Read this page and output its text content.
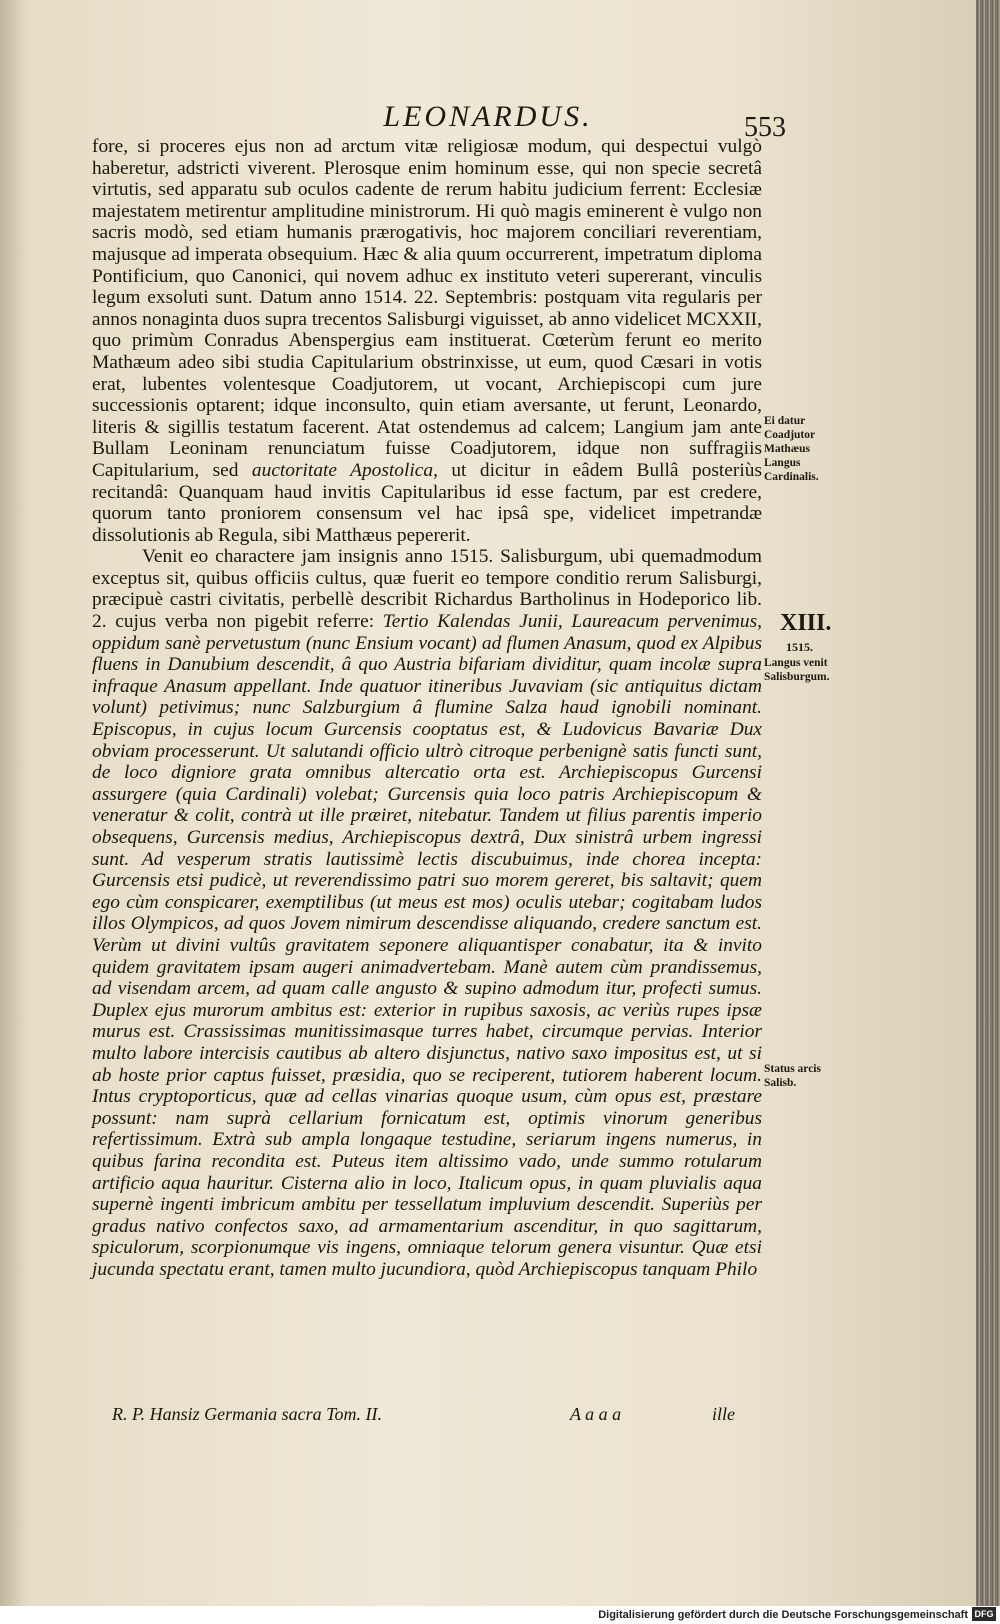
LEONARDUS.	553

fore, si proceres ejus non ad arctum vitæ religiosæ modum, qui despectui vulgò haberetur, adstricti viverent. Plerosque enim hominum esse, qui non specie secretâ virtutis, sed apparatu sub oculos cadente de rerum habitu judicium ferrent: Ecclesiæ majestatem metirentur amplitudine ministrorum. Hi quò magis eminerent è vulgo non sacris modò, sed etiam humanis prærogativis, hoc majorem conciliari reverentiam, majusque ad imperata obsequium. Hæc & alia quum occurrerent, impetratum diploma Pontificium, quo Canonici, qui novem adhuc ex instituto veteri supererant, vinculis legum exsoluti sunt. Datum anno 1514. 22. Septembris: postquam vita regularis per annos nonaginta duos supra trecentos Salisburgi viguisset, ab anno videlicet MCXXII, quo primùm Conradus Abenspergius eam instituerat. Cœterùm ferunt eo merito Mathæum adeo sibi studia Capitularium obstrinxisse, ut eum, quod Cæsari in votis erat, lubentes volentesque Coadjutorem, ut vocant, Archiepiscopi cum jure successionis optarent; idque inconsulto, quin etiam aversante, ut ferunt, Leonardo, literis & sigillis testatum facerent. Atat ostendemus ad calcem; Langium jam ante Bullam Leoninam renunciatum fuisse Coadjutorem, idque non suffragiis Capitularium, sed auctoritate Apostolica, ut dicitur in eâdem Bullâ posteriùs recitandâ: Quanquam haud invitis Capitularibus id esse factum, par est credere, quorum tanto proniorem consensum vel hac ipsâ spe, videlicet impetrandæ dissolutionis ab Regula, sibi Matthæus pepererit.

Venit eo charactere jam insignis anno 1515. Salisburgum, ubi quemadmodum exceptus sit, quibus officiis cultus, quæ fuerit eo tempore conditio rerum Salisburgi, præcipuè castri civitatis, perbellè describit Richardus Bartholinus in Hodeporico lib. 2. cujus verba non pigebit referre: Tertio Kalendas Junii, Laureacum pervenimus, oppidum sanè pervetustum (nunc Ensium vocant) ad flumen Anasum, quod ex Alpibus fluens in Danubium descendit, â quo Austria bifariam dividitur, quam incolæ supra infraque Anasum appellant. Inde quatuor itineribus Juvaviam (sic antiquitus dictam volunt) petivimus; nunc Salzburgium â flumine Salza haud ignobili nominant. Episcopus, in cujus locum Gurcensis cooptatus est, & Ludovicus Bavariæ Dux obviam processerunt. Ut salutandi officio ultrò citroque perbenignè satis functi sunt, de loco digniore grata omnibus altercatio orta est. Archiepiscopus Gurcensi assurgere (quia Cardinali) volebat; Gurcensis quia loco patris Archiepiscopum & veneratur & colit, contrà ut ille præiret, nitebatur. Tandem ut filius parentis imperio obsequens, Gurcensis medius, Archiepiscopus dextrâ, Dux sinistrâ urbem ingressi sunt. Ad vesperum stratis lautissimè lectis discubuimus, inde chorea incepta: Gurcensis etsi pudicè, ut reverendissimo patri suo morem gereret, bis saltavit; quem ego cùm conspicarer, exemptilibus (ut meus est mos) oculis utebar; cogitabam ludos illos Olympicos, ad quos Jovem nimirum descendisse aliquando, credere sanctum est. Verùm ut divini vultûs gravitatem seponere aliquantisper conabatur, ita & invito quidem gravitatem ipsam augeri animadvertebam. Manè autem cùm prandissemus, ad visendam arcem, ad quam calle angusto & supino admodum itur, profecti sumus. Duplex ejus murorum ambitus est: exterior in rupibus saxosis, ac veriùs rupes ipsæ murus est. Crassissimas munitissimasque turres habet, circumque pervias. Interior multo labore intercisis cautibus ab altero disjunctus, nativo saxo impositus est, ut si ab hoste prior captus fuisset, præsidia, quo se reciperent, tutiorem haberent locum. Intus cryptoporticus, quæ ad cellas vinarias quoque usum, cùm opus est, præstare possunt: nam suprà cellarium fornicatum est, optimis vinorum generibus refertissimum. Extrà sub ampla longaque testudine, seriarum ingens numerus, in quibus farina recondita est. Puteus item altissimo vado, unde summo rotularum artificio aqua hauritur. Cisterna alio in loco, Italicum opus, in quam pluvialis aqua supernè ingenti imbricum ambitu per tessellatum impluvium descendit. Superiùs per gradus nativo confectos saxo, ad armamentarium ascenditur, in quo sagittarum, spiculorum, scorpionumque vis ingens, omniaque telorum genera visuntur. Quæ etsi jucunda spectatu erant, tamen multo jucundiora, quòd Archiepiscopus tanquam Philo

Ei datur Coadjutor Mathæus Langus Cardinalis.
XIII.
1515.
Langus venit Salisburgum.
Status arcis Salisb.
R. P. Hansiz Germania sacra Tom. II.	A a a a	ille
Digitalisierung gefördert durch die Deutsche Forschungsgemeinschaft DFG
